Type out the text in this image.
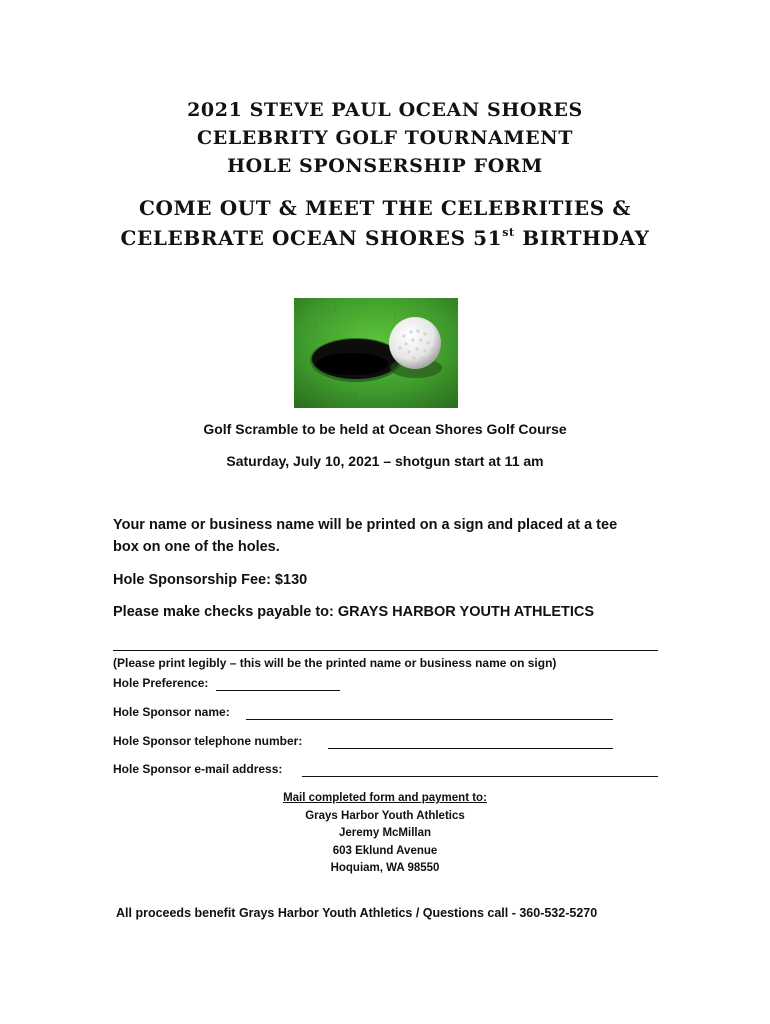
2021 STEVE PAUL OCEAN SHORES
CELEBRITY GOLF TOURNAMENT
HOLE SPONSERSHIP FORM
COME OUT & MEET THE CELEBRITIES &
CELEBRATE OCEAN SHORES 51st BIRTHDAY
Golf Scramble to be held at Ocean Shores Golf Course
Saturday, July 10, 2021 – shotgun start at 11 am
Your name or business name will be printed on a sign and placed at a tee
box on one of the holes.
Hole Sponsorship Fee: $130
Please make checks payable to: GRAYS HARBOR YOUTH ATHLETICS
(Please print legibly – this will be the printed name or business name on sign)
Hole Preference:
Hole Sponsor name:
Hole Sponsor telephone number:
Hole Sponsor e-mail address:
Mail completed form and payment to:
Grays Harbor Youth Athletics
Jeremy McMillan
603 Eklund Avenue
Hoquiam, WA 98550
All proceeds benefit Grays Harbor Youth Athletics / Questions call - 360-532-5270
